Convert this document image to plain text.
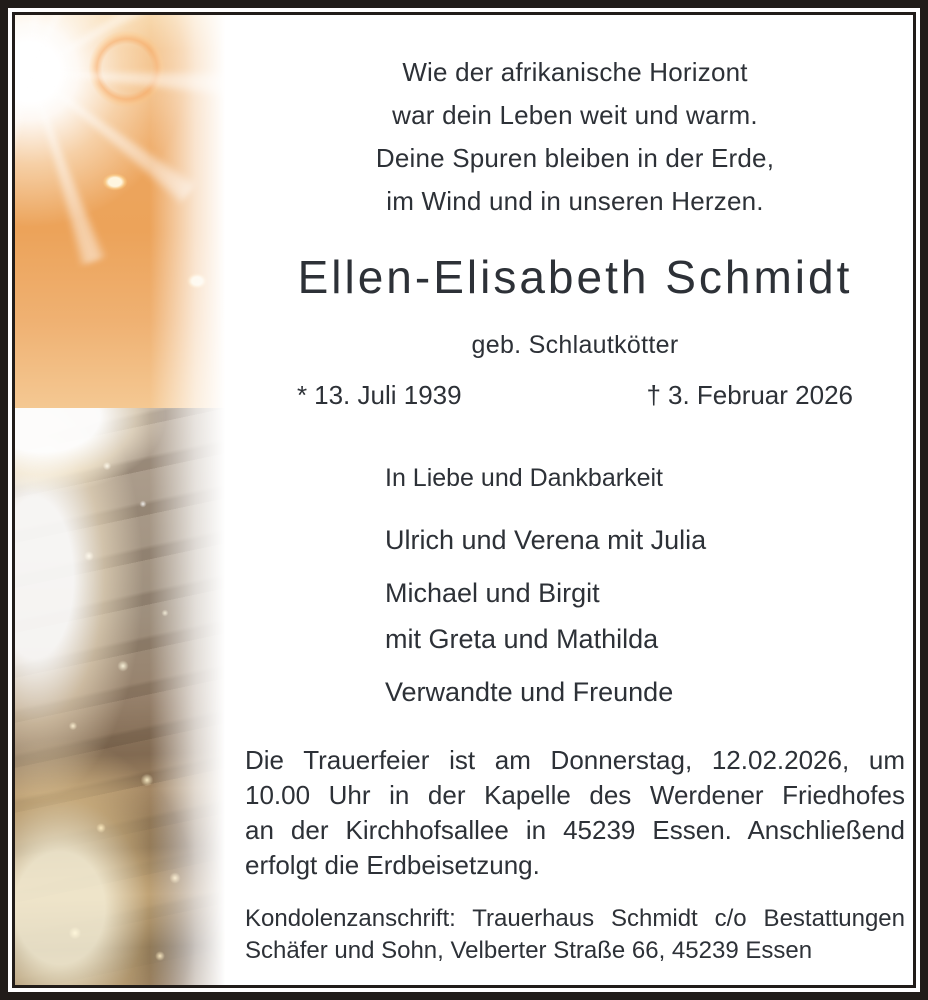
Wie der afrikanische Horizont
war dein Leben weit und warm.
Deine Spuren bleiben in der Erde,
im Wind und in unseren Herzen.
Ellen-Elisabeth Schmidt
geb. Schlautkötter
* 13. Juli 1939	† 3. Februar 2026
In Liebe und Dankbarkeit
Ulrich und Verena mit Julia
Michael und Birgit
mit Greta und Mathilda
Verwandte und Freunde
Die Trauerfeier ist am Donnerstag, 12.02.2026, um
10.00 Uhr in der Kapelle des Werdener Friedhofes
an der Kirchhofsallee in 45239 Essen. Anschließend
erfolgt die Erdbeisetzung.
Kondolenzanschrift: Trauerhaus Schmidt c/o Bestattungen
Schäfer und Sohn, Velberter Straße 66, 45239 Essen
